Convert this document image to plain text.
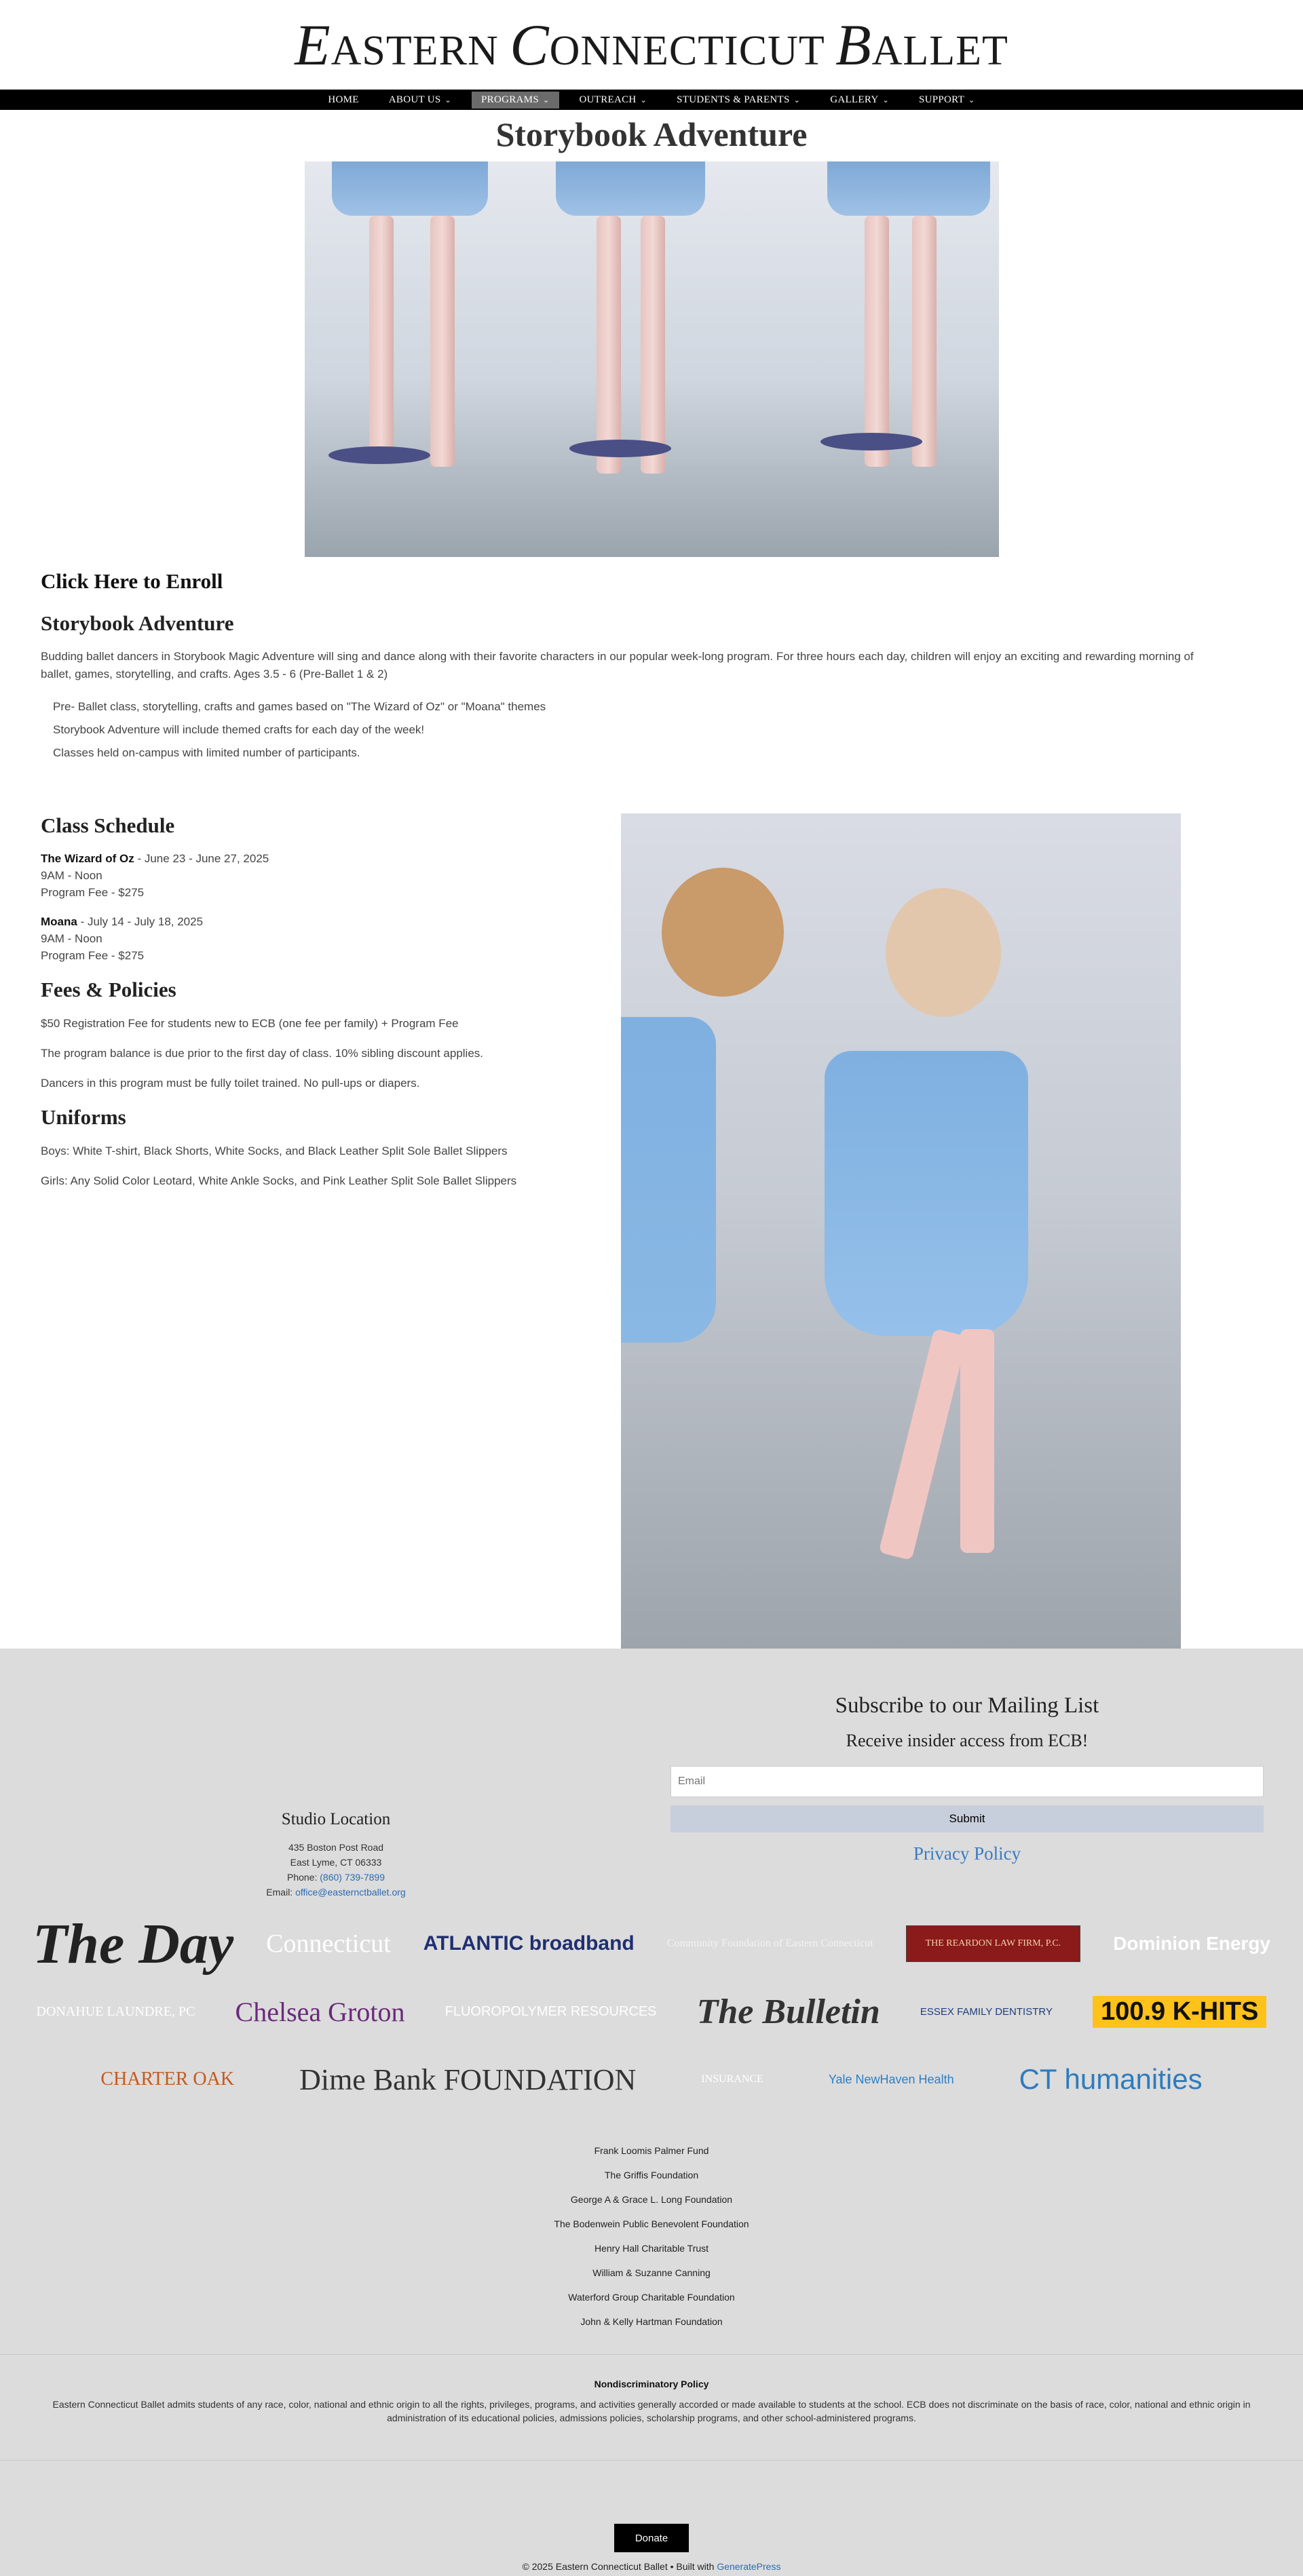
EASTERN CONNECTICUT BALLET
HOME	ABOUT US ⌄	PROGRAMS ⌄	OUTREACH ⌄	STUDENTS & PARENTS ⌄	GALLERY ⌄	SUPPORT ⌄
Storybook Adventure
Click Here to Enroll
Storybook Adventure

Budding ballet dancers in Storybook Magic Adventure will sing and dance along with their favorite characters in our popular week-long program. For three hours each day, children will enjoy an exciting and rewarding morning of ballet, games, storytelling, and crafts. Ages 3.5 - 6 (Pre-Ballet 1 & 2)

Pre- Ballet class, storytelling, crafts and games based on "The Wizard of Oz" or "Moana" themes
Storybook Adventure will include themed crafts for each day of the week!
Classes held on-campus with limited number of participants.
Class Schedule
The Wizard of Oz - June 23 - June 27, 2025
9AM - Noon
Program Fee - $275
Moana - July 14 - July 18, 2025
9AM - Noon
Program Fee - $275
Fees & Policies

$50 Registration Fee for students new to ECB (one fee per family) + Program Fee

The program balance is due prior to the first day of class. 10% sibling discount applies.

Dancers in this program must be fully toilet trained. No pull-ups or diapers.

Uniforms

Boys: White T-shirt, Black Shorts, White Socks, and Black Leather Split Sole Ballet Slippers

Girls: Any Solid Color Leotard, White Ankle Socks, and Pink Leather Split Sole Ballet Slippers

Studio Location

435 Boston Post Road

East Lyme, CT 06333

Phone: (860) 739-7899

Email: office@easternctballet.org

Subscribe to our Mailing List

Receive insider access from ECB!

Email
Submit
Privacy Policy
The Day Connecticut ATLANTIC broadband	Community Foundation of Eastern Connecticut	THE REARDON LAW FIRM, P.C.	Dominion Energy
DONAHUE LAUNDRE, PC Chelsea Groton	FLUOROPOLYMER RESOURCES The Bulletin	ESSEX FAMILY DENTISTRY	100.9 K-HITS
CHARTER OAK Dime Bank FOUNDATION	INSURANCE	Yale NewHaven Health CT humanities

Frank Loomis Palmer Fund

The Griffis Foundation

George A & Grace L. Long Foundation

The Bodenwein Public Benevolent Foundation

Henry Hall Charitable Trust

William & Suzanne Canning

Waterford Group Charitable Foundation

John & Kelly Hartman Foundation

Nondiscriminatory Policy

Eastern Connecticut Ballet admits students of any race, color, national and ethnic origin to all the rights, privileges, programs, and activities generally accorded or made available to students at the school. ECB does not discriminate on the basis of race, color, national and ethnic origin in administration of its educational policies, admissions policies, scholarship programs, and other school-administered programs.

Donate
© 2025 Eastern Connecticut Ballet • Built with GeneratePress
